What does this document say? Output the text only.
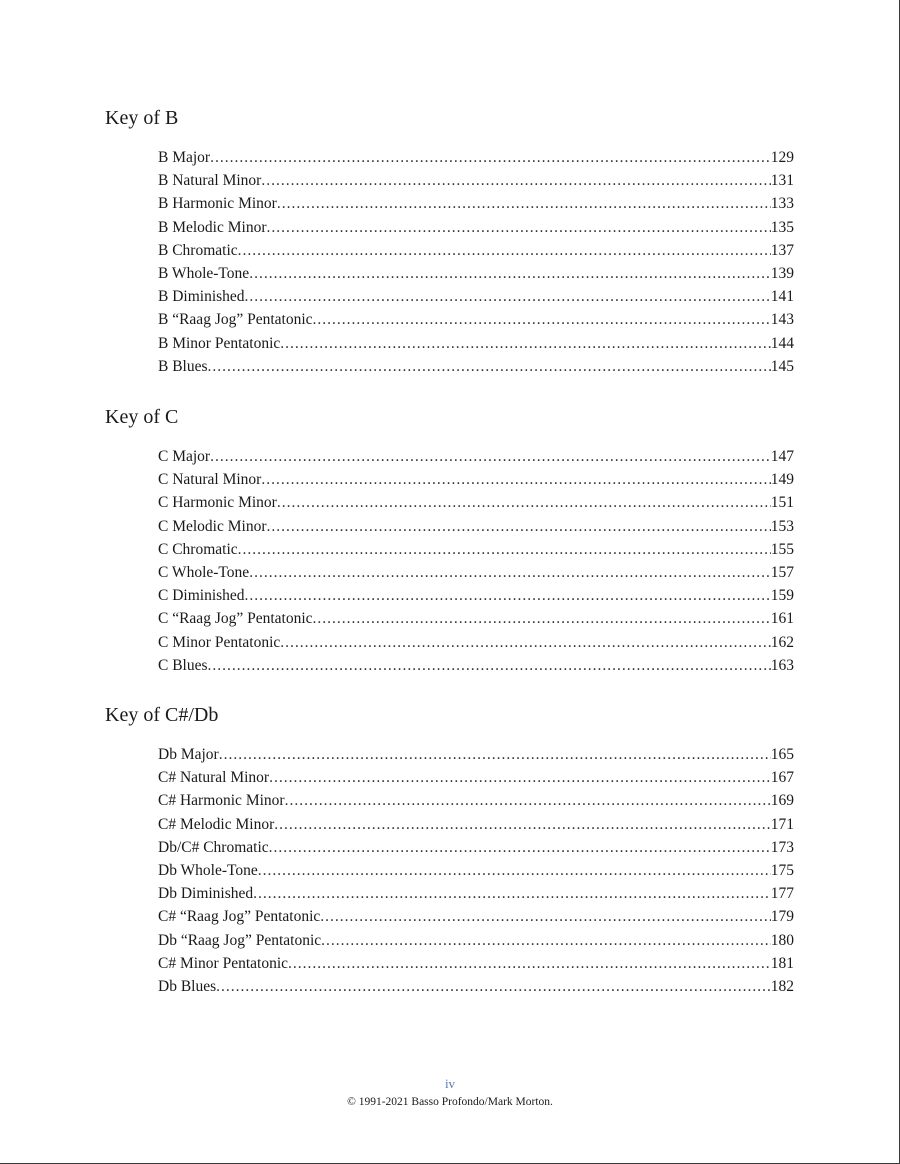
Key of B
B Major .....	129
B Natural Minor .....	131
B Harmonic Minor .....	133
B Melodic Minor .....	135
B Chromatic .....	137
B Whole-Tone .....	139
B Diminished .....	141
B “Raag Jog” Pentatonic .....	143
B Minor Pentatonic .....	144
B Blues .....	145
Key of C
C Major .....	147
C Natural Minor .....	149
C Harmonic Minor .....	151
C Melodic Minor .....	153
C Chromatic .....	155
C Whole-Tone .....	157
C Diminished .....	159
C “Raag Jog” Pentatonic .....	161
C Minor Pentatonic .....	162
C Blues .....	163
Key of C#/Db
Db Major .....	165
C# Natural Minor .....	167
C# Harmonic Minor .....	169
C# Melodic Minor .....	171
Db/C# Chromatic .....	173
Db Whole-Tone .....	175
Db Diminished .....	177
C# “Raag Jog” Pentatonic .....	179
Db “Raag Jog” Pentatonic .....	180
C# Minor Pentatonic .....	181
Db Blues .....	182
iv
© 1991-2021 Basso Profondo/Mark Morton.
